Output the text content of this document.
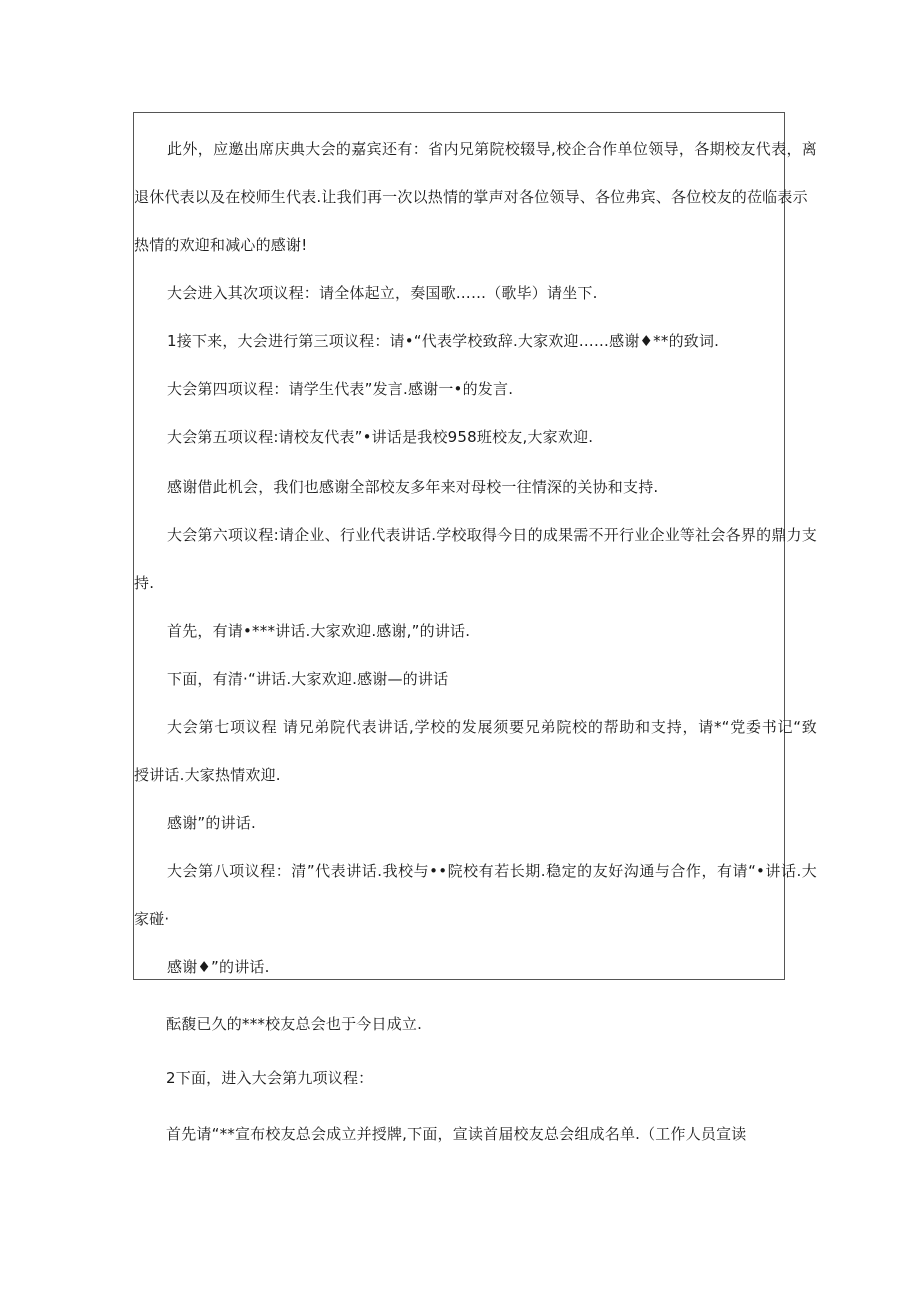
此外，应邀出席庆典大会的嘉宾还有：省内兄第院校辍导,校企合作单位领导，各期校友代表，离
退休代表以及在校师生代表.让我们再一次以热情的掌声对各位领导、各位弗宾、各位校友的莅临表示
热情的欢迎和减心的感谢!
大会进入其次项议程：请全体起立，奏国歌……（歌毕）请坐下.
1接下来，大会进行第三项议程：请•“代表学校致辞.大家欢迎……感谢♦**的致词.
大会第四项议程：请学生代表”发言.感谢一•的发言.
大会第五项议程:请校友代表”•讲话是我校958班校友,大家欢迎.
感谢借此机会，我们也感谢全部校友多年来对母校一往情深的关协和支持.
大会第六项议程:请企业、行业代表讲话.学校取得今日的成果需不开行业企业等社会各界的鼎力支
持.
首先，有请•***讲话.大家欢迎.感谢,”的讲话.
下面，有清·“讲话.大家欢迎.感谢—的讲话
大会第七项议程 请兄弟院代表讲话,学校的发展须要兄弟院校的帮助和支持，请*“党委书记“致
授讲话.大家热情欢迎.
感谢”的讲话.
大会第八项议程：清”代表讲话.我校与••院校有若长期.稳定的友好沟通与合作，有请“•讲话.大
家碰·
感谢♦”的讲话.
酝馥已久的***校友总会也于今日成立.
2下面，进入大会第九项议程：
首先请“**宣布校友总会成立并授牌,下面，宣读首届校友总会组成名单.（工作人员宣读
